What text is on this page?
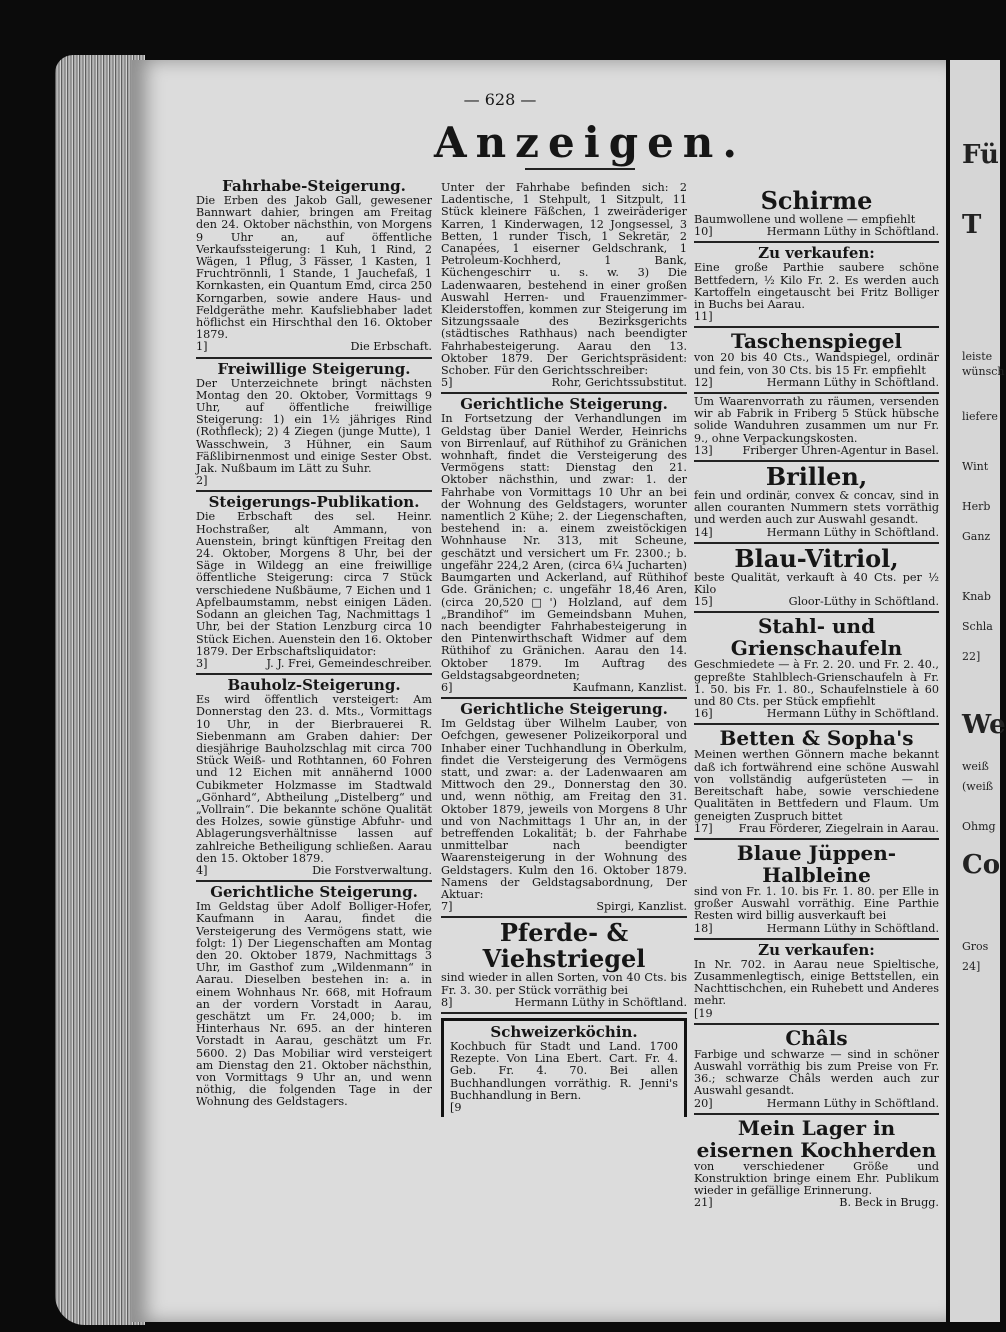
Fü
T
leiste
wünsch
liefere
Wint
Herb
Ganz
Knab
Schla
22]
We
weiß
(weiß
Ohmg
Co
Gros
24]
— 628 —
Anzeigen.
Fahrhabe-Steigerung.
Die Erben des Jakob Gall, gewesener Bannwart dahier, bringen am Freitag den 24. Oktober nächsthin, von Morgens 9 Uhr an, auf öffentliche Verkaufssteigerung: 1 Kuh, 1 Rind, 2 Wägen, 1 Pflug, 3 Fässer, 1 Kasten, 1 Fruchtrönnli, 1 Stande, 1 Jauchefaß, 1 Kornkasten, ein Quantum Emd, circa 250 Korngarben, sowie andere Haus- und Feldgeräthe mehr. Kaufsliebhaber ladet höflichst ein Hirschthal den 16. Oktober 1879.
1]	Die Erbschaft.
Freiwillige Steigerung.
Der Unterzeichnete bringt nächsten Montag den 20. Oktober, Vormittags 9 Uhr, auf öffentliche freiwillige Steigerung: 1) ein 1½ jähriges Rind (Rothfleck); 2) 4 Ziegen (junge Mutte), 1 Wasschwein, 3 Hühner, ein Saum Fäßlibirnenmost und einige Sester Obst. Jak. Nußbaum im Lätt zu Suhr.
2]
Steigerungs-Publikation.
Die Erbschaft des sel. Heinr. Hochstraßer, alt Ammann, von Auenstein, bringt künftigen Freitag den 24. Oktober, Morgens 8 Uhr, bei der Säge in Wildegg an eine freiwillige öffentliche Steigerung: circa 7 Stück verschiedene Nußbäume, 7 Eichen und 1 Apfelbaumstamm, nebst einigen Läden. Sodann an gleichen Tag, Nachmittags 1 Uhr, bei der Station Lenzburg circa 10 Stück Eichen. Auenstein den 16. Oktober 1879. Der Erbschaftsliquidator:
3]	J. J. Frei, Gemeindeschreiber.
Bauholz-Steigerung.
Es wird öffentlich versteigert: Am Donnerstag den 23. d. Mts., Vormittags 10 Uhr, in der Bierbrauerei R. Siebenmann am Graben dahier: Der diesjährige Bauholzschlag mit circa 700 Stück Weiß- und Rothtannen, 60 Fohren und 12 Eichen mit annähernd 1000 Cubikmeter Holzmasse im Stadtwald „Gönhard“, Abtheilung „Distelberg“ und „Vollrain“. Die bekannte schöne Qualität des Holzes, sowie günstige Abfuhr- und Ablagerungsverhältnisse lassen auf zahlreiche Betheiligung schließen. Aarau den 15. Oktober 1879.
4]	Die Forstverwaltung.
Gerichtliche Steigerung.
Im Geldstag über Adolf Bolliger-Hofer, Kaufmann in Aarau, findet die Versteigerung des Vermögens statt, wie folgt: 1) Der Liegenschaften am Montag den 20. Oktober 1879, Nachmittags 3 Uhr, im Gasthof zum „Wildenmann“ in Aarau. Dieselben bestehen in: a. in einem Wohnhaus Nr. 668, mit Hofraum an der vordern Vorstadt in Aarau, geschätzt um Fr. 24,000; b. im Hinterhaus Nr. 695. an der hinteren Vorstadt in Aarau, geschätzt um Fr. 5600. 2) Das Mobiliar wird versteigert am Dienstag den 21. Oktober nächsthin, von Vormittags 9 Uhr an, und wenn nöthig, die folgenden Tage in der Wohnung des Geldstagers.
Unter der Fahrhabe befinden sich: 2 Ladentische, 1 Stehpult, 1 Sitzpult, 11 Stück kleinere Fäßchen, 1 zweiräderiger Karren, 1 Kinderwagen, 12 Jongsessel, 3 Betten, 1 runder Tisch, 1 Sekretär, 2 Canapées, 1 eiserner Geldschrank, 1 Petroleum-Kochherd, 1 Bank, Küchengeschirr u. s. w. 3) Die Ladenwaaren, bestehend in einer großen Auswahl Herren- und Frauenzimmer-Kleiderstoffen, kommen zur Steigerung im Sitzungssaale des Bezirksgerichts (städtisches Rathhaus) nach beendigter Fahrhabesteigerung. Aarau den 13. Oktober 1879. Der Gerichtspräsident: Schober. Für den Gerichtsschreiber:
5]	Rohr, Gerichtssubstitut.
Gerichtliche Steigerung.
In Fortsetzung der Verhandlungen im Geldstag über Daniel Werder, Heinrichs von Birrenlauf, auf Rüthihof zu Gränichen wohnhaft, findet die Versteigerung des Vermögens statt: Dienstag den 21. Oktober nächsthin, und zwar: 1. der Fahrhabe von Vormittags 10 Uhr an bei der Wohnung des Geldstagers, worunter namentlich 2 Kühe; 2. der Liegenschaften, bestehend in: a. einem zweistöckigen Wohnhause Nr. 313, mit Scheune, geschätzt und versichert um Fr. 2300.; b. ungefähr 224,2 Aren, (circa 6¼ Jucharten) Baumgarten und Ackerland, auf Rüthihof Gde. Gränichen; c. ungefähr 18,46 Aren, (circa 20,520□') Holzland, auf dem „Brandihof“ im Gemeindsbann Muhen, nach beendigter Fahrhabesteigerung in den Pintenwirthschaft Widmer auf dem Rüthihof zu Gränichen. Aarau den 14. Oktober 1879. Im Auftrag des Geldstagsabgeordneten;
6]	Kaufmann, Kanzlist.
Gerichtliche Steigerung.
Im Geldstag über Wilhelm Lauber, von Oefchgen, gewesener Polizeikorporal und Inhaber einer Tuchhandlung in Oberkulm, findet die Versteigerung des Vermögens statt, und zwar: a. der Ladenwaaren am Mittwoch den 29., Donnerstag den 30. und, wenn nöthig, am Freitag den 31. Oktober 1879, jeweils von Morgens 8 Uhr und von Nachmittags 1 Uhr an, in der betreffenden Lokalität; b. der Fahrhabe unmittelbar nach beendigter Waarensteigerung in der Wohnung des Geldstagers. Kulm den 16. Oktober 1879. Namens der Geldstagsabordnung, Der Aktuar:
7]	Spirgi, Kanzlist.
Pferde- & Viehstriegel
sind wieder in allen Sorten, von 40 Cts. bis Fr. 3. 30. per Stück vorräthig bei
8]	Hermann Lüthy in Schöftland.
Schweizerköchin.
Kochbuch für Stadt und Land. 1700 Rezepte. Von Lina Ebert. Cart. Fr. 4. Geb. Fr. 4. 70. Bei allen Buchhandlungen vorräthig. R. Jenni's Buchhandlung in Bern.
[9
Schirme
Baumwollene und wollene — empfiehlt
10]	Hermann Lüthy in Schöftland.
Zu verkaufen:
Eine große Parthie saubere schöne Bettfedern, ½ Kilo Fr. 2. Es werden auch Kartoffeln eingetauscht bei Fritz Bolliger in Buchs bei Aarau.
11]
Taschenspiegel
von 20 bis 40 Cts., Wandspiegel, ordinär und fein, von 30 Cts. bis 15 Fr. empfiehlt
12]	Hermann Lüthy in Schöftland.
Um Waarenvorrath zu räumen, versenden wir ab Fabrik in Friberg 5 Stück hübsche solide Wanduhren zusammen um nur Fr. 9., ohne Verpackungskosten.
13]	Friberger Uhren-Agentur in Basel.
Brillen,
fein und ordinär, convex & concav, sind in allen couranten Nummern stets vorräthig und werden auch zur Auswahl gesandt.
14]	Hermann Lüthy in Schöftland.
Blau-Vitriol,
beste Qualität, verkauft à 40 Cts. per ½ Kilo
15]	Gloor-Lüthy in Schöftland.
Stahl- und Grienschaufeln
Geschmiedete — à Fr. 2. 20. und Fr. 2. 40., gepreßte Stahlblech-Grienschaufeln à Fr. 1. 50. bis Fr. 1. 80., Schaufelnstiele à 60 und 80 Cts. per Stück empfiehlt
16]	Hermann Lüthy in Schöftland.
Betten & Sopha's
Meinen werthen Gönnern mache bekannt daß ich fortwährend eine schöne Auswahl von vollständig aufgerüsteten — in Bereitschaft habe, sowie verschiedene Qualitäten in Bettfedern und Flaum. Um geneigten Zuspruch bittet
17] Frau Förderer, Ziegelrain in Aarau.
Blaue Jüppen-Halbleine
sind von Fr. 1. 10. bis Fr. 1. 80. per Elle in großer Auswahl vorräthig. Eine Parthie Resten wird billig ausverkauft bei
18]	Hermann Lüthy in Schöftland.
Zu verkaufen:
In Nr. 702. in Aarau neue Spieltische, Zusammenlegtisch, einige Bettstellen, ein Nachttischchen, ein Ruhebett und Anderes mehr.
[19
Châls
Farbige und schwarze — sind in schöner Auswahl vorräthig bis zum Preise von Fr. 36.; schwarze Châls werden auch zur Auswahl gesandt.
20]	Hermann Lüthy in Schöftland.
Mein Lager in eisernen Kochherden
von verschiedener Größe und Konstruktion bringe einem Ehr. Publikum wieder in gefällige Erinnerung.
21]	B. Beck in Brugg.
